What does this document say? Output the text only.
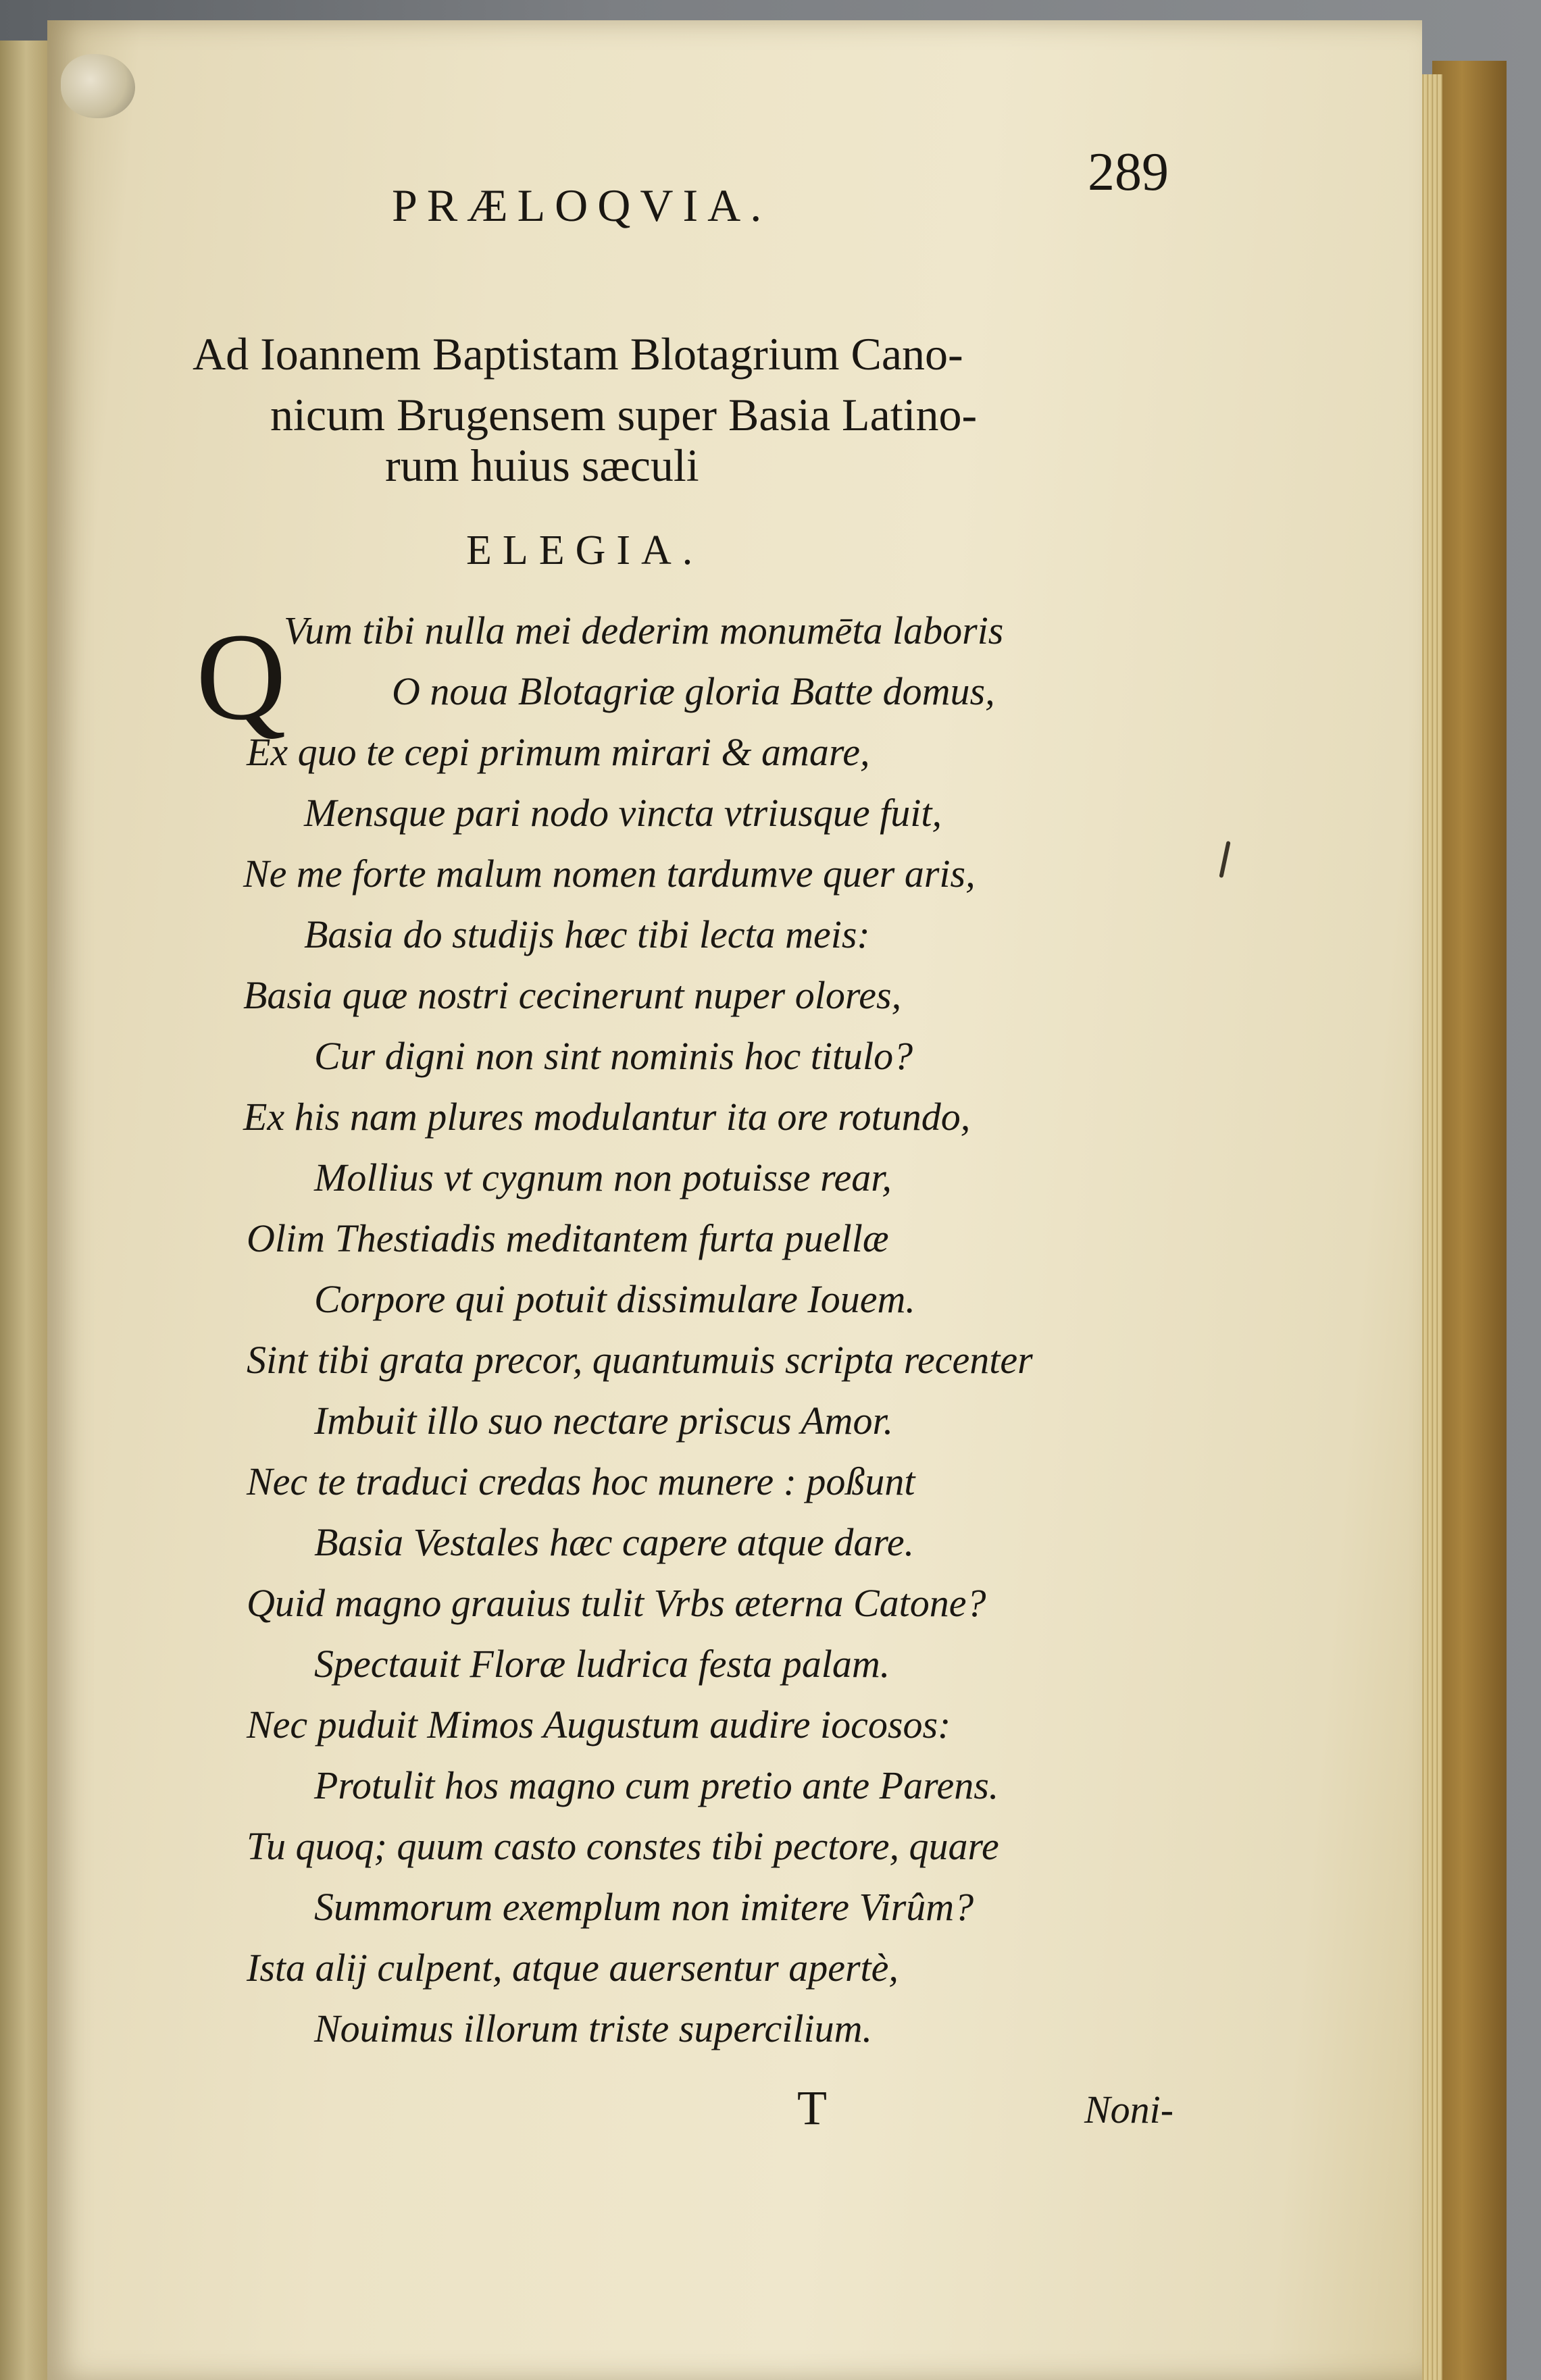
PRÆLOQVIA.
289
Ad Ioannem Baptistam Blotagrium Cano-
nicum Brugensem super Basia Latino-
rum huius sæculi
ELEGIA.
Q
Vum tibi nulla mei dederim monumēta laboris
O noua Blotagriæ gloria Batte domus,
Ex quo te cepi primum mirari & amare,
Mensque pari nodo vincta vtriusque fuit,
Ne me forte malum nomen tardumve quer aris,
Basia do studijs hæc tibi lecta meis:
Basia quæ nostri cecinerunt nuper olores,
Cur digni non sint nominis hoc titulo?
Ex his nam plures modulantur ita ore rotundo,
Mollius vt cygnum non potuisse rear,
Olim Thestiadis meditantem furta puellæ
Corpore qui potuit dissimulare Iouem.
Sint tibi grata precor, quantumuis scripta recenter
Imbuit illo suo nectare priscus Amor.
Nec te traduci credas hoc munere : poßunt
Basia Vestales hæc capere atque dare.
Quid magno grauius tulit Vrbs æterna Catone?
Spectauit Floræ ludrica festa palam.
Nec puduit Mimos Augustum audire iocosos:
Protulit hos magno cum pretio ante Parens.
Tu quoq; quum casto constes tibi pectore, quare
Summorum exemplum non imitere Virûm?
Ista alij culpent, atque auersentur apertè,
Nouimus illorum triste supercilium.
T	Noni-
